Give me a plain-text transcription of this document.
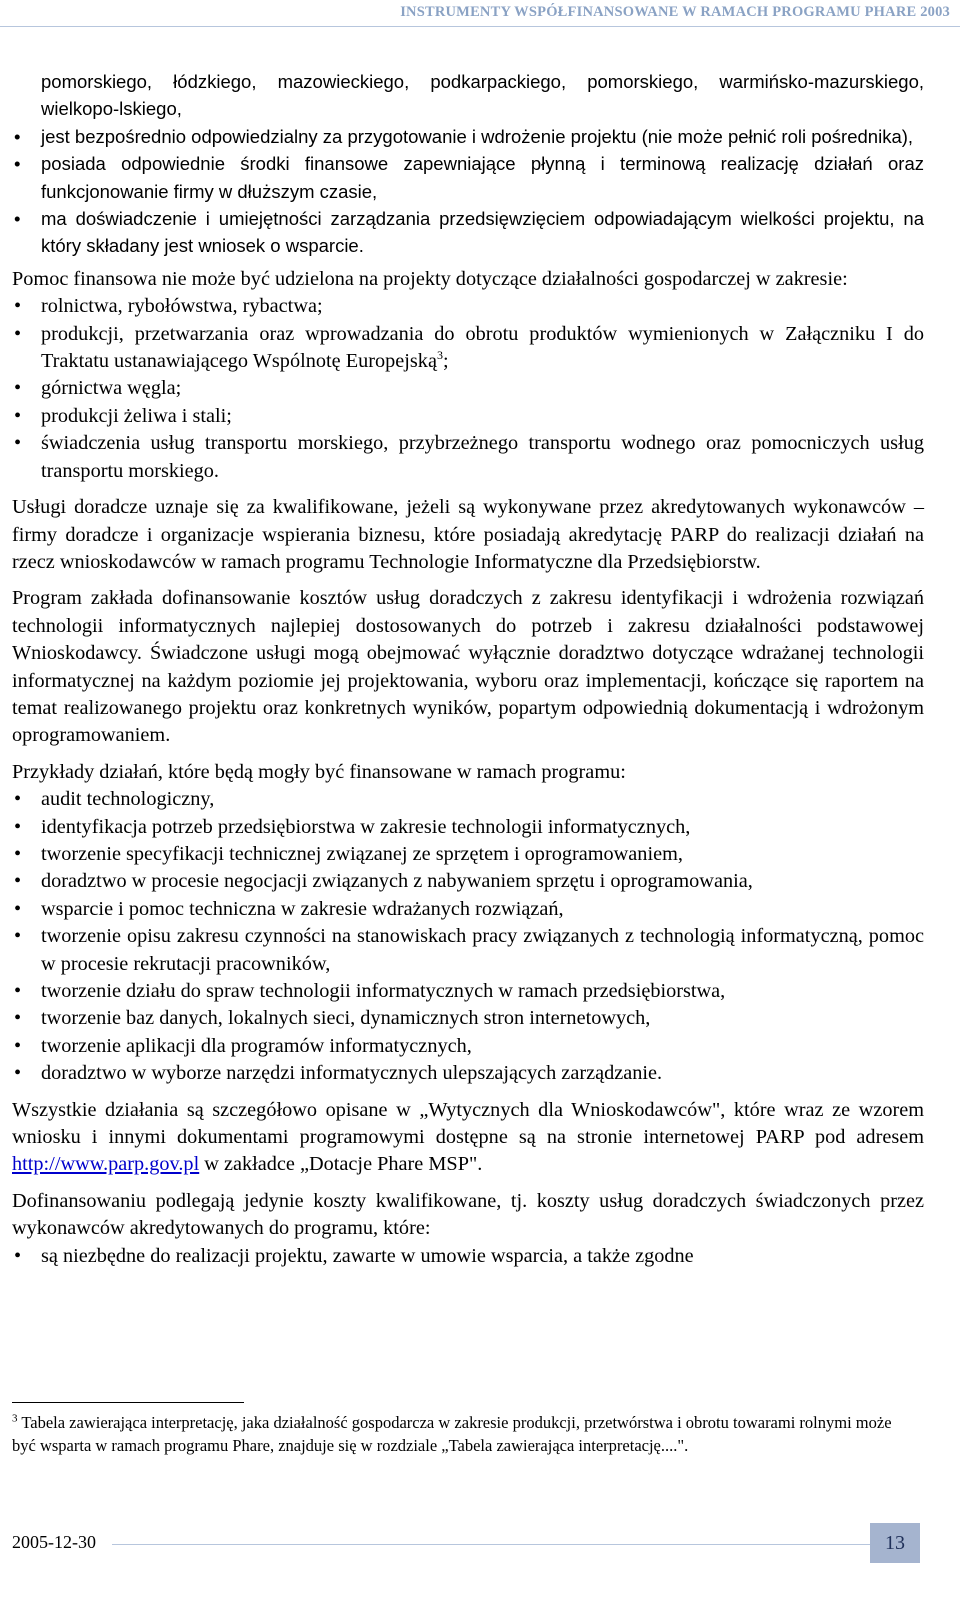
INSTRUMENTY WSPÓŁFINANSOWANE W RAMACH PROGRAMU PHARE 2003
pomorskiego, łódzkiego, mazowieckiego, podkarpackiego, pomorskiego, warmińsko-mazurskiego, wielkopo-lskiego,
•	jest bezpośrednio odpowiedzialny za przygotowanie i wdrożenie projektu (nie może pełnić roli pośrednika),
•	posiada odpowiednie środki finansowe zapewniające płynną i terminową realizację działań oraz funkcjonowanie firmy w dłuższym czasie,
•	ma doświadczenie i umiejętności zarządzania przedsięwzięciem odpowiadającym wielkości projektu, na który składany jest wniosek o wsparcie.

Pomoc finansowa nie może być udzielona na projekty dotyczące działalności gospodarczej w zakresie:

• rolnictwa, rybołówstwa, rybactwa;
• produkcji, przetwarzania oraz wprowadzania do obrotu produktów wymienionych w Załączniku I do Traktatu ustanawiającego Wspólnotę Europejską$^3$;
• górnictwa węgla;
• produkcji żeliwa i stali;
• świadczenia usług transportu morskiego, przybrzeżnego transportu wodnego oraz pomocniczych usług transportu morskiego.

Usługi doradcze uznaje się za kwalifikowane, jeżeli są wykonywane przez akredytowanych wykonawców – firmy doradcze i organizacje wspierania biznesu, które posiadają akredytację PARP do realizacji działań na rzecz wnioskodawców w ramach programu Technologie Informatyczne dla Przedsiębiorstw.

Program zakłada dofinansowanie kosztów usług doradczych z zakresu identyfikacji i wdrożenia rozwiązań technologii informatycznych najlepiej dostosowanych do potrzeb i zakresu działalności podstawowej Wnioskodawcy. Świadczone usługi mogą obejmować wyłącznie doradztwo dotyczące wdrażanej technologii informatycznej na każdym poziomie jej projektowania, wyboru oraz implementacji, kończące się raportem na temat realizowanego projektu oraz konkretnych wyników, popartym odpowiednią dokumentacją i wdrożonym oprogramowaniem.

Przykłady działań, które będą mogły być finansowane w ramach programu:

• audit technologiczny,
• identyfikacja potrzeb przedsiębiorstwa w zakresie technologii informatycznych,
• tworzenie specyfikacji technicznej związanej ze sprzętem i oprogramowaniem,
• doradztwo w procesie negocjacji związanych z nabywaniem sprzętu i oprogramowania,
• wsparcie i pomoc techniczna w zakresie wdrażanych rozwiązań,
• tworzenie opisu zakresu czynności na stanowiskach pracy związanych z technologią informatyczną, pomoc w procesie rekrutacji pracowników,
• tworzenie działu do spraw technologii informatycznych w ramach przedsiębiorstwa,
• tworzenie baz danych, lokalnych sieci, dynamicznych stron internetowych,
• tworzenie aplikacji dla programów informatycznych,
• doradztwo w wyborze narzędzi informatycznych ulepszających zarządzanie.

Wszystkie działania są szczegółowo opisane w „Wytycznych dla Wnioskodawców", które wraz ze wzorem wniosku i innymi dokumentami programowymi dostępne są na stronie internetowej PARP pod adresem http://www.parp.gov.pl w zakładce „Dotacje Phare MSP".

Dofinansowaniu podlegają jedynie koszty kwalifikowane, tj. koszty usług doradczych świadczonych przez wykonawców akredytowanych do programu, które:

• są niezbędne do realizacji projektu, zawarte w umowie wsparcia, a także zgodne
$^3$ Tabela zawierająca interpretację, jaka działalność gospodarcza w zakresie produkcji, przetwórstwa i obrotu towarami rolnymi może być wsparta w ramach programu Phare, znajduje się w rozdziale „Tabela zawierająca interpretację....".
2005-12-30	13
